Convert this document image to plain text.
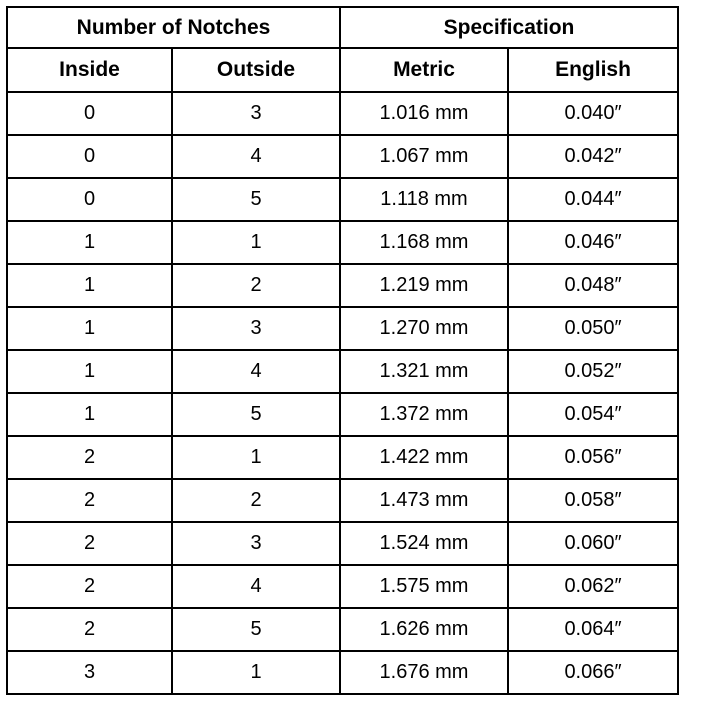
Number of Notches		Specification	
Inside	Outside	Metric	English
0	3	1.016 mm	0.040″
0	4	1.067 mm	0.042″
0	5	1.118 mm	0.044″
1	1	1.168 mm	0.046″
1	2	1.219 mm	0.048″
1	3	1.270 mm	0.050″
1	4	1.321 mm	0.052″
1	5	1.372 mm	0.054″
2	1	1.422 mm	0.056″
2	2	1.473 mm	0.058″
2	3	1.524 mm	0.060″
2	4	1.575 mm	0.062″
2	5	1.626 mm	0.064″
3	1	1.676 mm	0.066″
